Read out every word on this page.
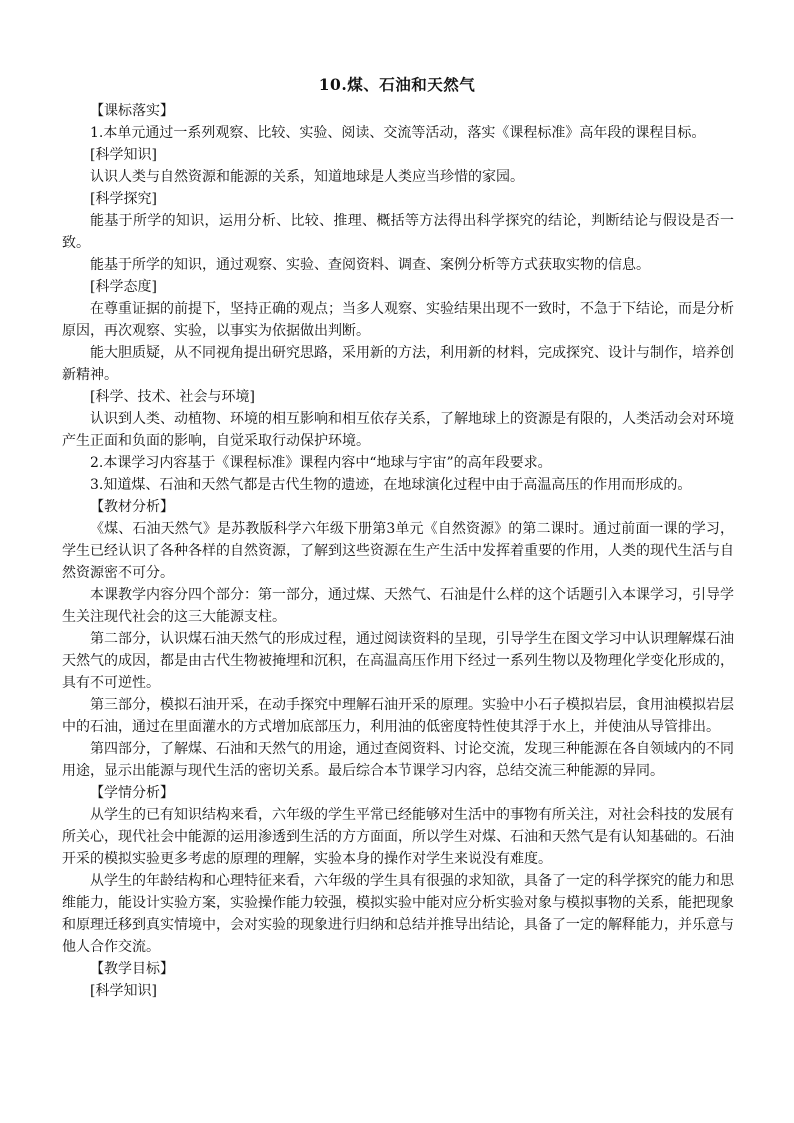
10.煤、石油和天然气
【课标落实】
1.本单元通过一系列观察、比较、实验、阅读、交流等活动，落实《课程标准》高年段的课程目标。
[科学知识]
认识人类与自然资源和能源的关系，知道地球是人类应当珍惜的家园。
[科学探究]
能基于所学的知识，运用分析、比较、推理、概括等方法得出科学探究的结论，判断结论与假设是否一致。
能基于所学的知识，通过观察、实验、查阅资料、调查、案例分析等方式获取实物的信息。
[科学态度]
在尊重证据的前提下，坚持正确的观点；当多人观察、实验结果出现不一致时，不急于下结论，而是分析原因，再次观察、实验，以事实为依据做出判断。
能大胆质疑，从不同视角提出研究思路，采用新的方法，利用新的材料，完成探究、设计与制作，培养创新精神。
[科学、技术、社会与环境]
认识到人类、动植物、环境的相互影响和相互依存关系，了解地球上的资源是有限的，人类活动会对环境产生正面和负面的影响，自觉采取行动保护环境。
2.本课学习内容基于《课程标准》课程内容中“地球与宇宙”的高年段要求。
3.知道煤、石油和天然气都是古代生物的遗迹，在地球演化过程中由于高温高压的作用而形成的。
【教材分析】
《煤、石油天然气》是苏教版科学六年级下册第3单元《自然资源》的第二课时。通过前面一课的学习，学生已经认识了各种各样的自然资源，了解到这些资源在生产生活中发挥着重要的作用，人类的现代生活与自然资源密不可分。
本课教学内容分四个部分：第一部分，通过煤、天然气、石油是什么样的这个话题引入本课学习，引导学生关注现代社会的这三大能源支柱。
第二部分，认识煤石油天然气的形成过程，通过阅读资料的呈现，引导学生在图文学习中认识理解煤石油天然气的成因，都是由古代生物被掩埋和沉积，在高温高压作用下经过一系列生物以及物理化学变化形成的，具有不可逆性。
第三部分，模拟石油开采，在动手探究中理解石油开采的原理。实验中小石子模拟岩层，食用油模拟岩层中的石油，通过在里面灌水的方式增加底部压力，利用油的低密度特性使其浮于水上，并使油从导管排出。
第四部分，了解煤、石油和天然气的用途，通过查阅资料、讨论交流，发现三种能源在各自领域内的不同用途，显示出能源与现代生活的密切关系。最后综合本节课学习内容，总结交流三种能源的异同。
【学情分析】
从学生的已有知识结构来看，六年级的学生平常已经能够对生活中的事物有所关注，对社会科技的发展有所关心，现代社会中能源的运用渗透到生活的方方面面，所以学生对煤、石油和天然气是有认知基础的。石油开采的模拟实验更多考虑的原理的理解，实验本身的操作对学生来说没有难度。
从学生的年龄结构和心理特征来看，六年级的学生具有很强的求知欲，具备了一定的科学探究的能力和思维能力，能设计实验方案，实验操作能力较强，模拟实验中能对应分析实验对象与模拟事物的关系，能把现象和原理迁移到真实情境中，会对实验的现象进行归纳和总结并推导出结论，具备了一定的解释能力，并乐意与他人合作交流。
【教学目标】
[科学知识]
